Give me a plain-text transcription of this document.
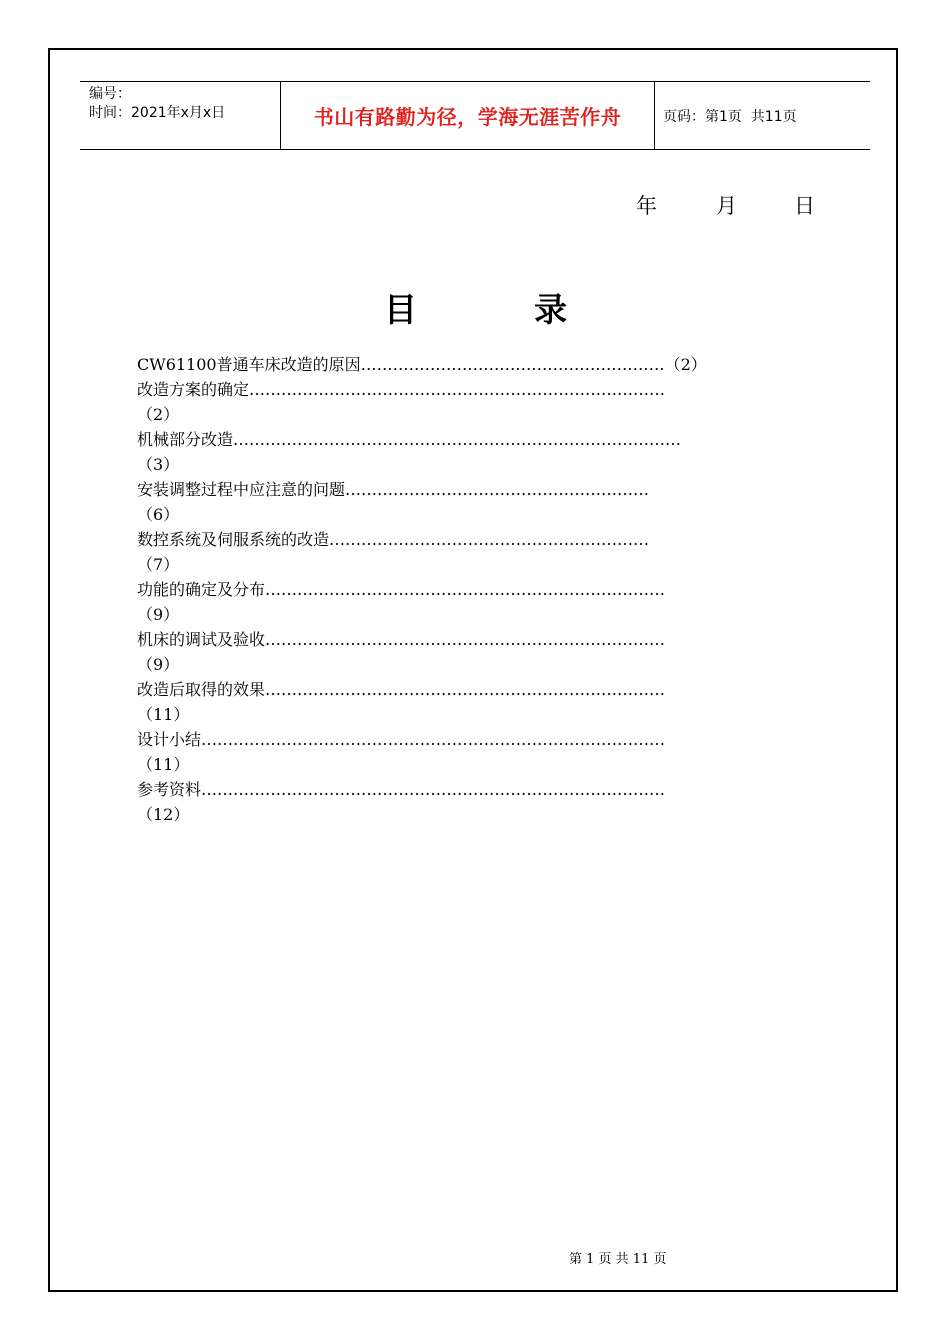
编号：
时间：2021年x月x日	书山有路勤为径，学海无涯苦作舟	页码：第1页  共11页
年	月	日
目	录
CW61100普通车床改造的原因…………………………………………………（2）
改造方案的确定……………………………………………………………………
（2）
机械部分改造…………………………………………………………………………
（3）
安装调整过程中应注意的问题…………………………………………………
（6）
数控系统及伺服系统的改造……………………………………………………
（7）
功能的确定及分布…………………………………………………………………
（9）
机床的调试及验收…………………………………………………………………
（9）
改造后取得的效果…………………………………………………………………
（11）
设计小结……………………………………………………………………………
（11）
参考资料……………………………………………………………………………
（12）
第 1 页 共 11 页
